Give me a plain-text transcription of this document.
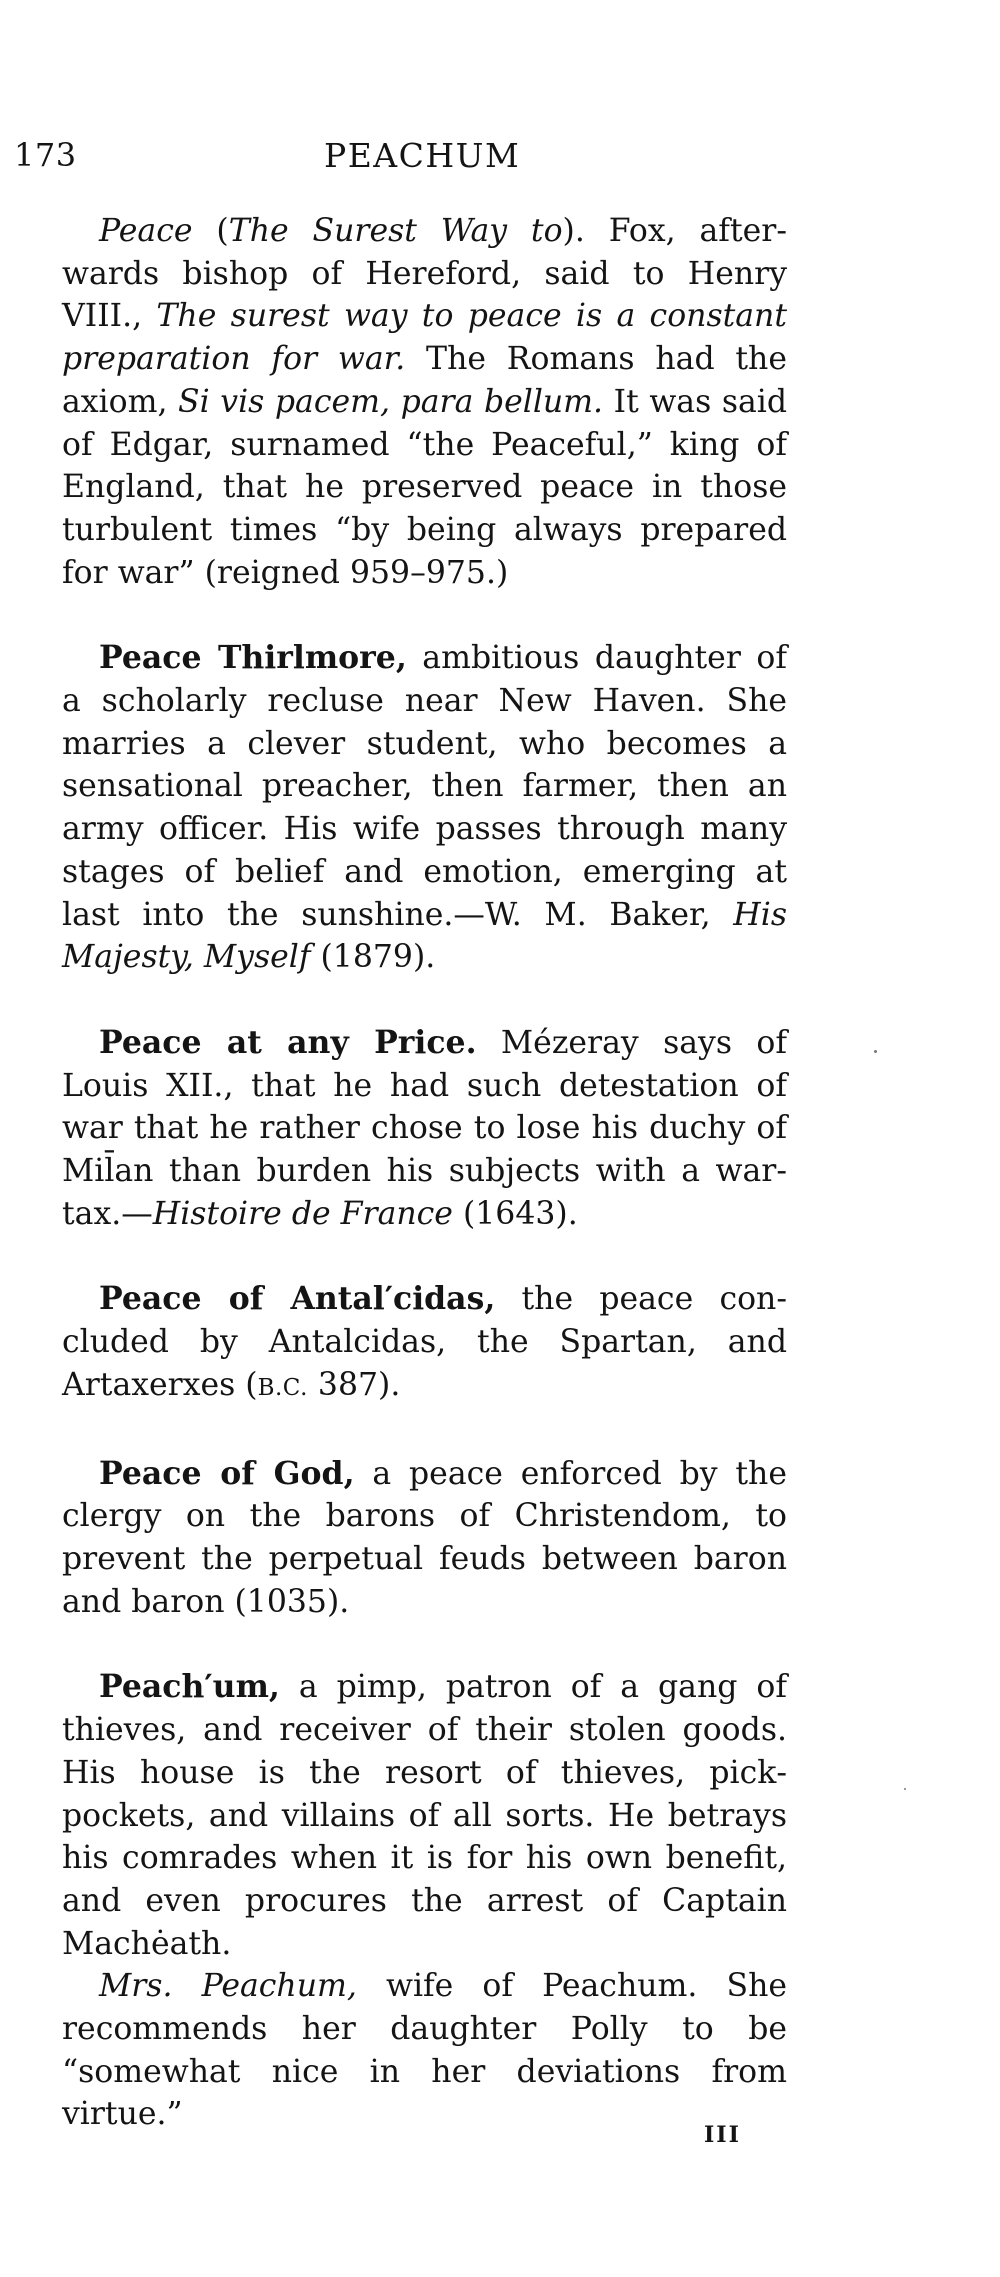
173	PEACHUM

Peace (The Surest Way to). Fox, afterwards bishop of Hereford, said to Henry VIII., The surest way to peace is a constant preparation for war. The Romans had the axiom, Si vis pacem, para bellum. It was said of Edgar, surnamed “the Peaceful,” king of England, that he preserved peace in those turbulent times “by being always prepared for war” (reigned 959–975.)

Peace Thirlmore, ambitious daughter of a scholarly recluse near New Haven. She marries a clever student, who becomes a sensational preacher, then farmer, then an army officer. His wife passes through many stages of belief and emotion, emerging at last into the sunshine.—W. M. Baker, His Majesty, Myself (1879).

Peace at any Price. Mézeray says of Louis XII., that he had such detestation of war that he rather chose to lose his duchy of Mil̄an than burden his subjects with a war-tax.—Histoire de France (1643).

Peace of Antal′cidas, the peace concluded by Antalcidas, the Spartan, and Artaxerxes (B.C. 387).

Peace of God, a peace enforced by the clergy on the barons of Christendom, to prevent the perpetual feuds between baron and baron (1035).

Peach′um, a pimp, patron of a gang of thieves, and receiver of their stolen goods. His house is the resort of thieves, pickpockets, and villains of all sorts. He betrays his comrades when it is for his own benefit, and even procures the arrest of Captain Machėath.

Mrs. Peachum, wife of Peachum. She recommends her daughter Polly to be “somewhat nice in her deviations from virtue.”

III
